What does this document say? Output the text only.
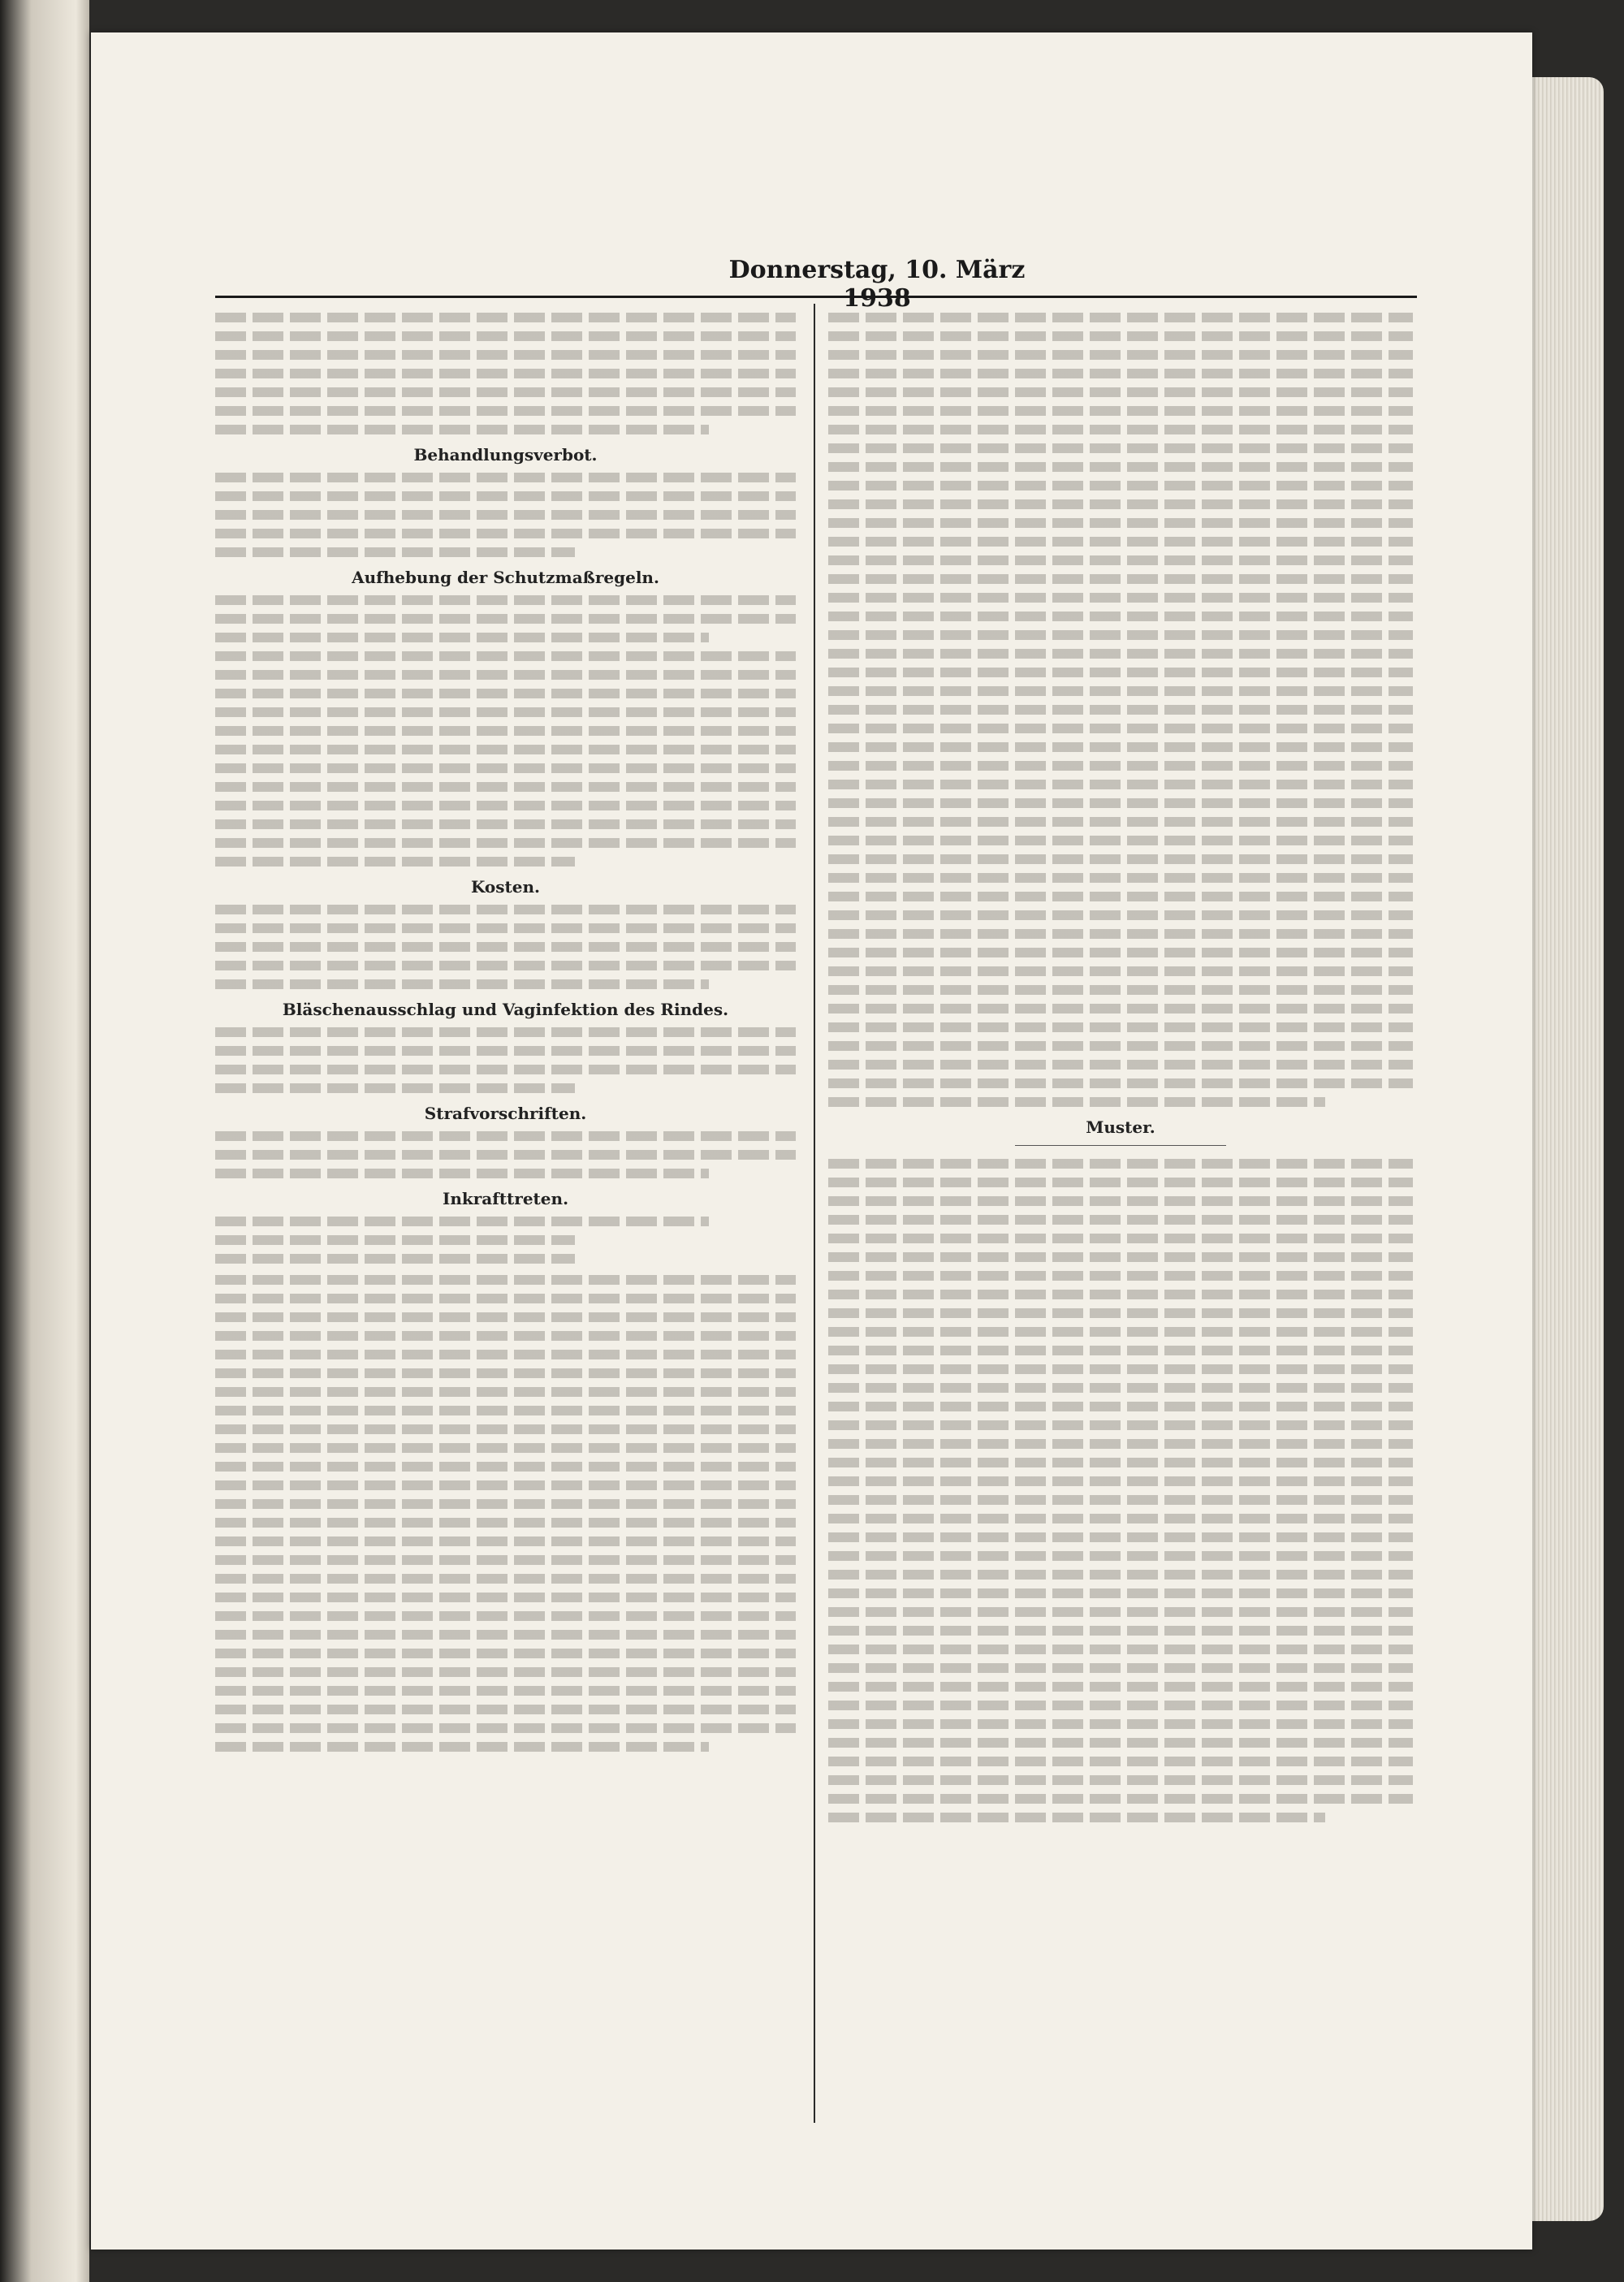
Donnerstag, 10. März 1938
Behandlungsverbot.
Aufhebung der Schutzmaßregeln.
Kosten.
Bläschenausschlag und Vaginfektion des Rindes.
Strafvorschriften.
Inkrafttreten.
Muster.
